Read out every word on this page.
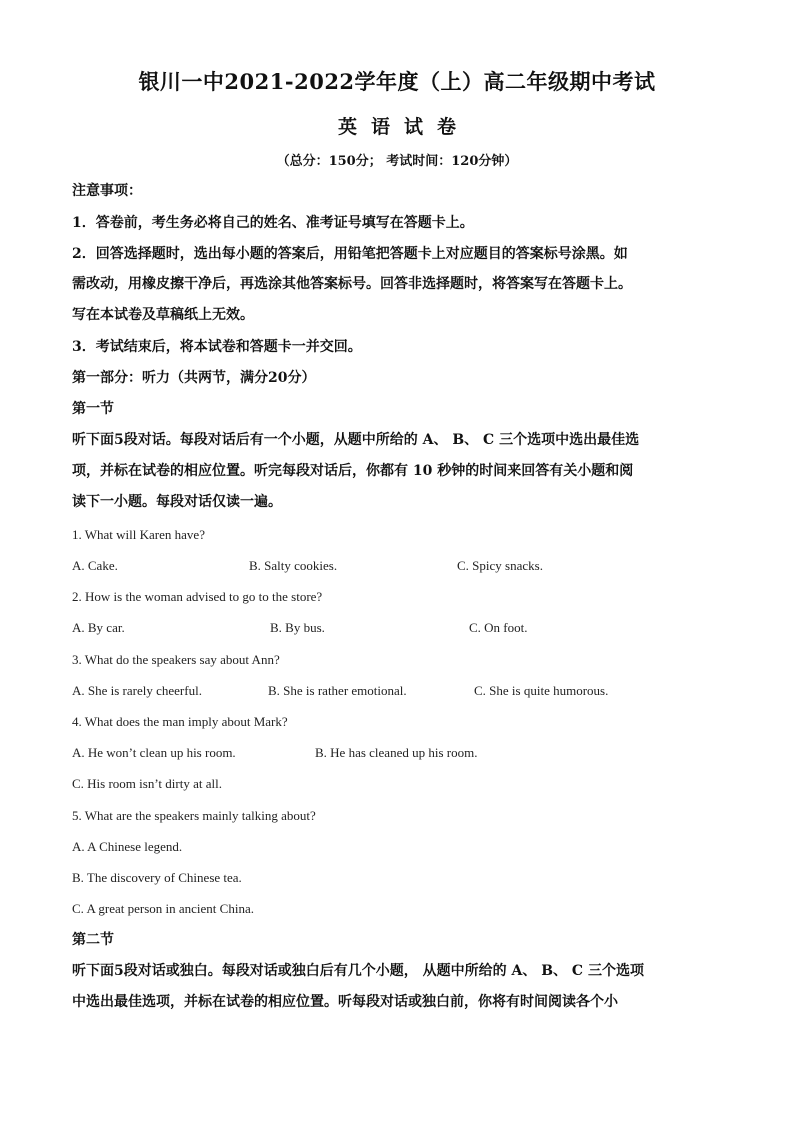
银川一中2021-2022学年度（上）高二年级期中考试
英语试卷
（总分：150分； 考试时间：120分钟）
注意事项：
1．答卷前，考生务必将自己的姓名、准考证号填写在答题卡上。
2．回答选择题时，选出每小题的答案后，用铅笔把答题卡上对应题目的答案标号涂黑。如
需改动，用橡皮擦干净后，再选涂其他答案标号。回答非选择题时，将答案写在答题卡上。
写在本试卷及草稿纸上无效。
3．考试结束后，将本试卷和答题卡一并交回。
第一部分：听力（共两节，满分20分）
第一节
听下面5段对话。每段对话后有一个小题，从题中所给的 A、 B、 C 三个选项中选出最佳选
项，并标在试卷的相应位置。听完每段对话后，你都有 10 秒钟的时间来回答有关小题和阅
读下一小题。每段对话仅读一遍。
1. What will Karen have?
A. Cake.	B. Salty cookies.	C. Spicy snacks.
2. How is the woman advised to go to the store?
A. By car.	B. By bus.	C. On foot.
3. What do the speakers say about Ann?
A. She is rarely cheerful.	B. She is rather emotional.	C. She is quite humorous.
4. What does the man imply about Mark?
A. He won’t clean up his room.	B. He has cleaned up his room.
C. His room isn’t dirty at all.
5. What are the speakers mainly talking about?
A. A Chinese legend.
B. The discovery of Chinese tea.
C. A great person in ancient China.
第二节
听下面5段对话或独白。每段对话或独白后有几个小题， 从题中所给的 A、 B、 C 三个选项
中选出最佳选项，并标在试卷的相应位置。听每段对话或独白前，你将有时间阅读各个小
